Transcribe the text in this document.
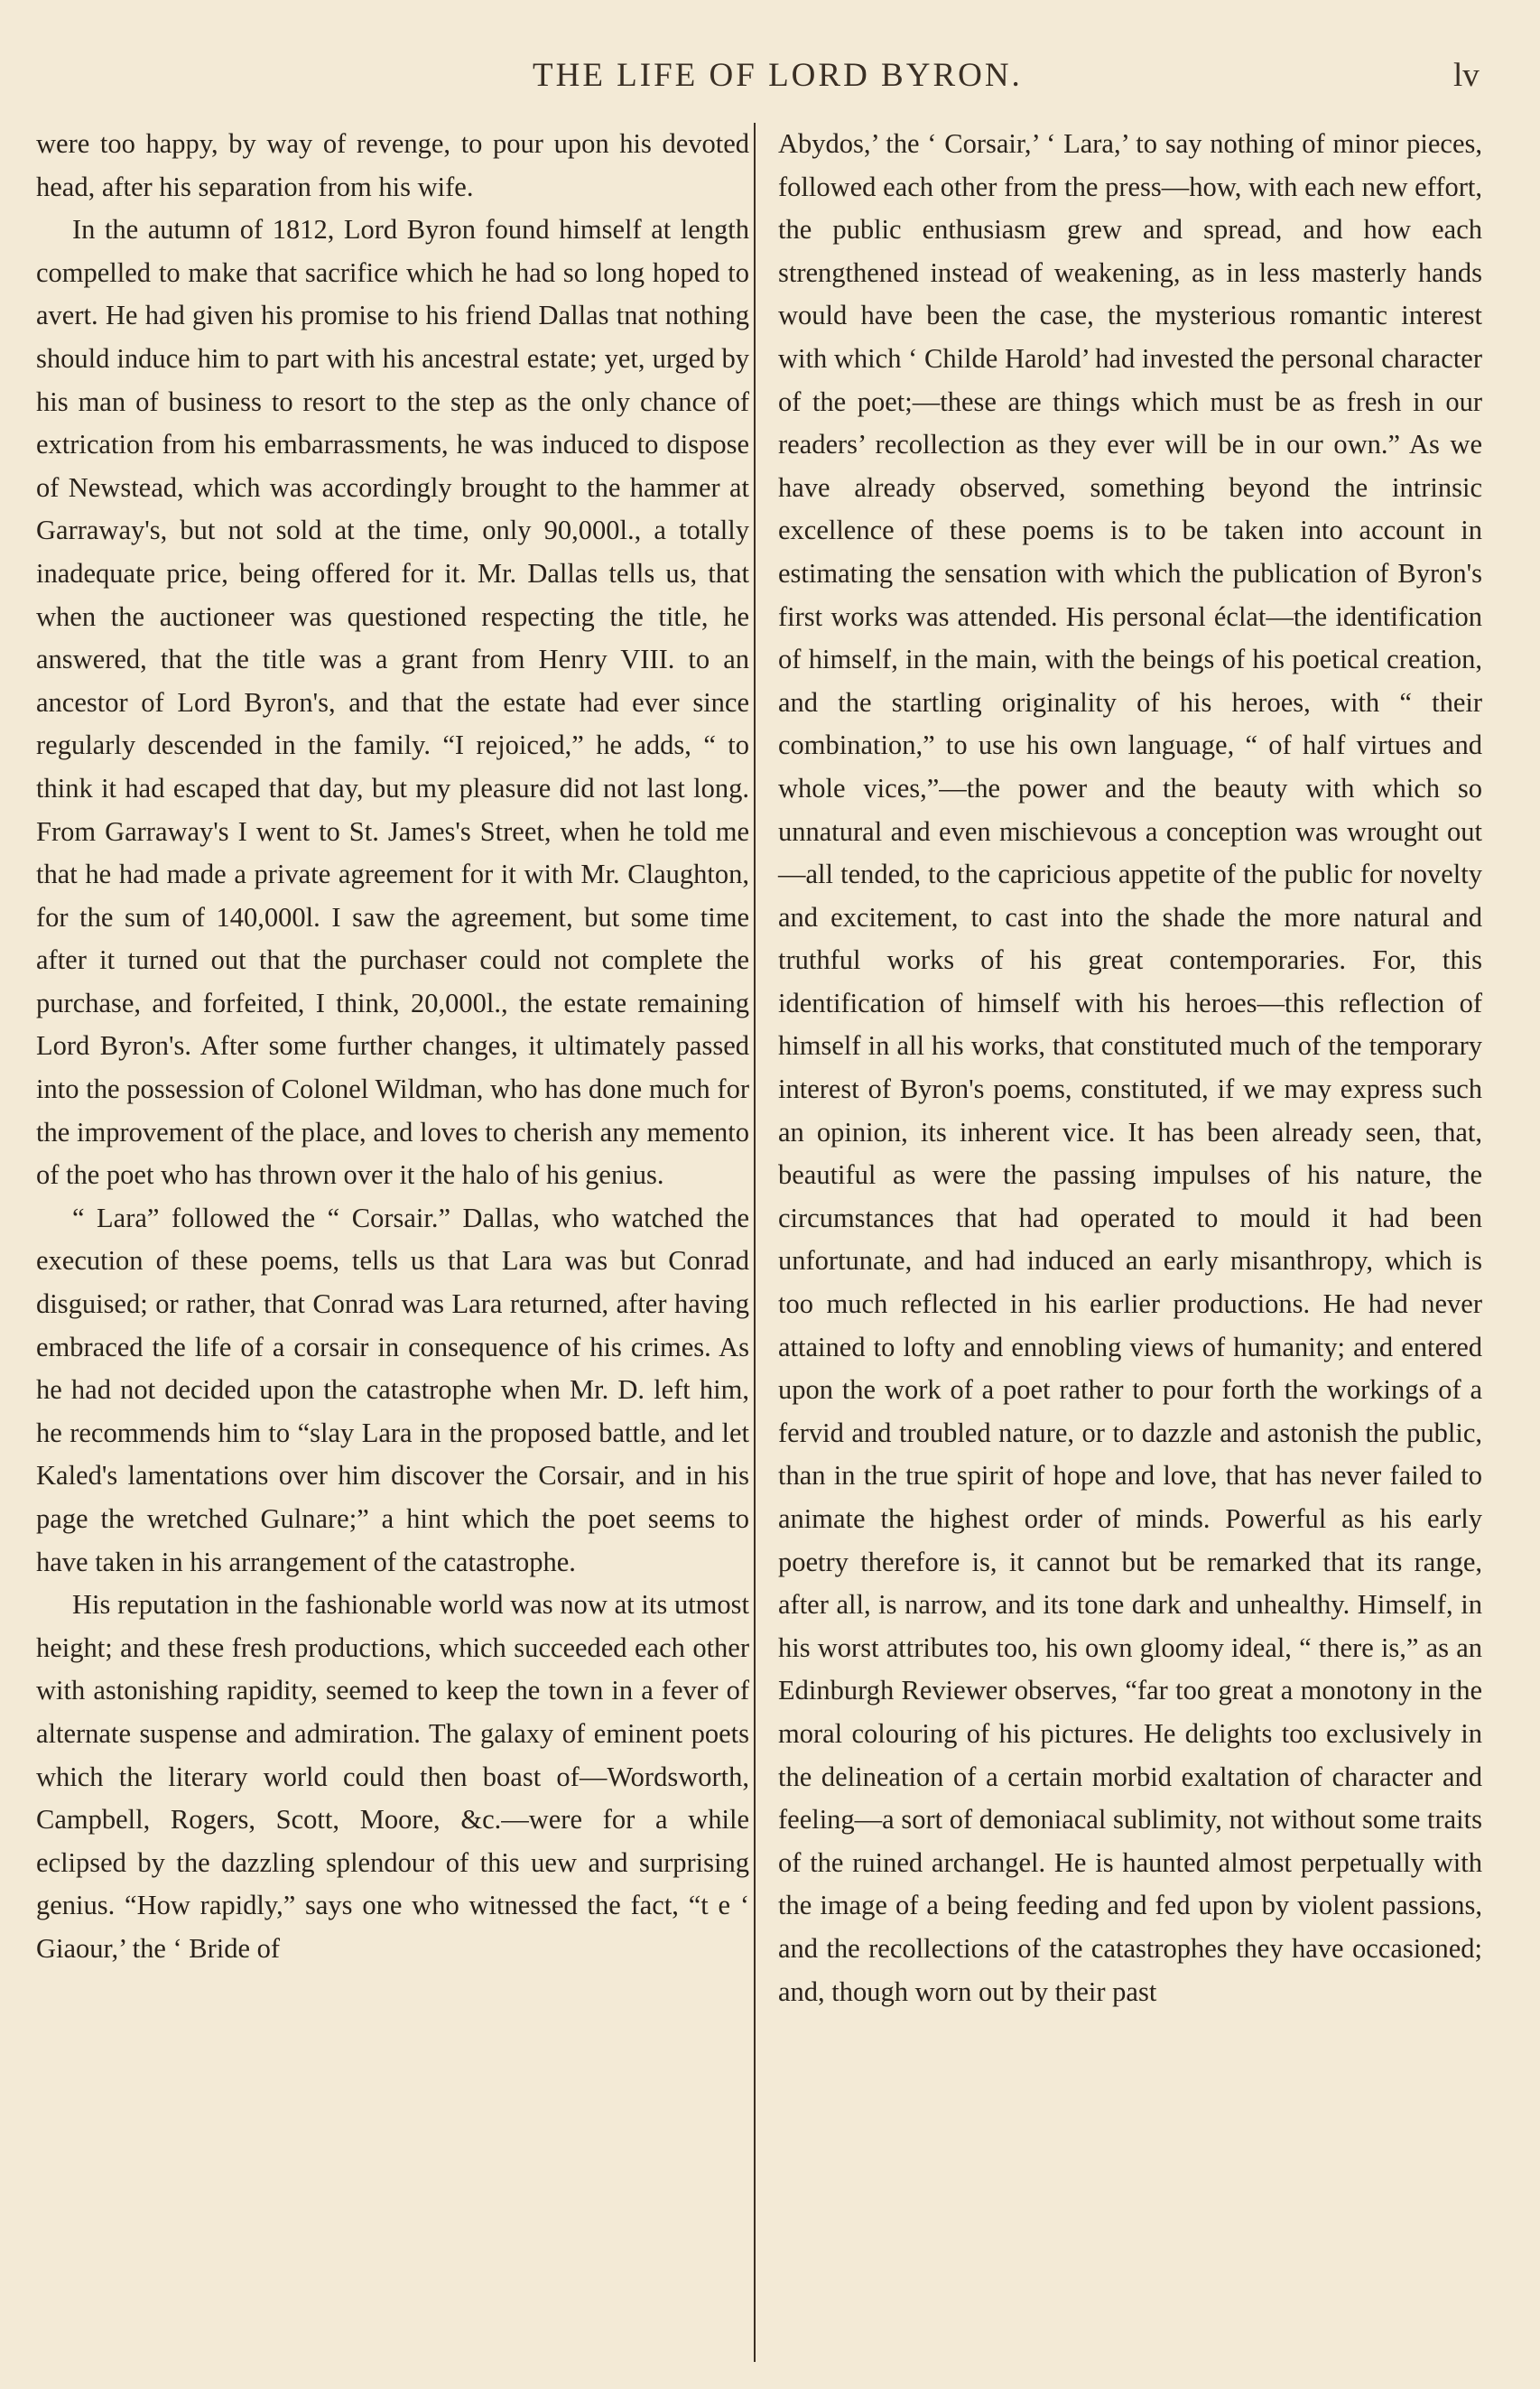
THE LIFE OF LORD BYRON.	lv

were too happy, by way of revenge, to pour upon his devoted head, after his separation from his wife.

In the autumn of 1812, Lord Byron found himself at length compelled to make that sacrifice which he had so long hoped to avert. He had given his promise to his friend Dallas tnat nothing should induce him to part with his ancestral estate; yet, urged by his man of business to resort to the step as the only chance of extrication from his embarrassments, he was induced to dispose of Newstead, which was accordingly brought to the hammer at Garraway's, but not sold at the time, only 90,000l., a totally inadequate price, being offered for it. Mr. Dallas tells us, that when the auctioneer was questioned respecting the title, he answered, that the title was a grant from Henry VIII. to an ancestor of Lord Byron's, and that the estate had ever since regularly descended in the family. “I rejoiced,” he adds, “ to think it had escaped that day, but my pleasure did not last long. From Garraway's I went to St. James's Street, when he told me that he had made a private agreement for it with Mr. Claughton, for the sum of 140,000l. I saw the agreement, but some time after it turned out that the purchaser could not complete the purchase, and forfeited, I think, 20,000l., the estate remaining Lord Byron's. After some further changes, it ultimately passed into the possession of Colonel Wildman, who has done much for the improvement of the place, and loves to cherish any memento of the poet who has thrown over it the halo of his genius.

“ Lara” followed the “ Corsair.” Dallas, who watched the execution of these poems, tells us that Lara was but Conrad disguised; or rather, that Conrad was Lara returned, after having embraced the life of a corsair in consequence of his crimes. As he had not decided upon the catastrophe when Mr. D. left him, he recommends him to “slay Lara in the proposed battle, and let Kaled's lamentations over him discover the Corsair, and in his page the wretched Gulnare;” a hint which the poet seems to have taken in his arrangement of the catastrophe.

His reputation in the fashionable world was now at its utmost height; and these fresh productions, which succeeded each other with astonishing rapidity, seemed to keep the town in a fever of alternate suspense and admiration. The galaxy of eminent poets which the literary world could then boast of—Wordsworth, Campbell, Rogers, Scott, Moore, &c.—were for a while eclipsed by the dazzling splendour of this uew and surprising genius. “How rapidly,” says one who witnessed the fact, “t e ‘ Giaour,’ the ‘ Bride of

Abydos,’ the ‘ Corsair,’ ‘ Lara,’ to say nothing of minor pieces, followed each other from the press—how, with each new effort, the public enthusiasm grew and spread, and how each strengthened instead of weakening, as in less masterly hands would have been the case, the mysterious romantic interest with which ‘ Childe Harold’ had invested the personal character of the poet;—these are things which must be as fresh in our readers’ recollection as they ever will be in our own.” As we have already observed, something beyond the intrinsic excellence of these poems is to be taken into account in estimating the sensation with which the publication of Byron's first works was attended. His personal éclat—the identification of himself, in the main, with the beings of his poetical creation, and the startling originality of his heroes, with “ their combination,” to use his own language, “ of half virtues and whole vices,”—the power and the beauty with which so unnatural and even mischievous a conception was wrought out—all tended, to the capricious appetite of the public for novelty and excitement, to cast into the shade the more natural and truthful works of his great contemporaries. For, this identification of himself with his heroes—this reflection of himself in all his works, that constituted much of the temporary interest of Byron's poems, constituted, if we may express such an opinion, its inherent vice. It has been already seen, that, beautiful as were the passing impulses of his nature, the circumstances that had operated to mould it had been unfortunate, and had induced an early misanthropy, which is too much reflected in his earlier productions. He had never attained to lofty and ennobling views of humanity; and entered upon the work of a poet rather to pour forth the workings of a fervid and troubled nature, or to dazzle and astonish the public, than in the true spirit of hope and love, that has never failed to animate the highest order of minds. Powerful as his early poetry therefore is, it cannot but be remarked that its range, after all, is narrow, and its tone dark and unhealthy. Himself, in his worst attributes too, his own gloomy ideal, “ there is,” as an Edinburgh Reviewer observes, “far too great a monotony in the moral colouring of his pictures. He delights too exclusively in the delineation of a certain morbid exaltation of character and feeling—a sort of demoniacal sublimity, not without some traits of the ruined archangel. He is haunted almost perpetually with the image of a being feeding and fed upon by violent passions, and the recollections of the catastrophes they have occasioned; and, though worn out by their past
